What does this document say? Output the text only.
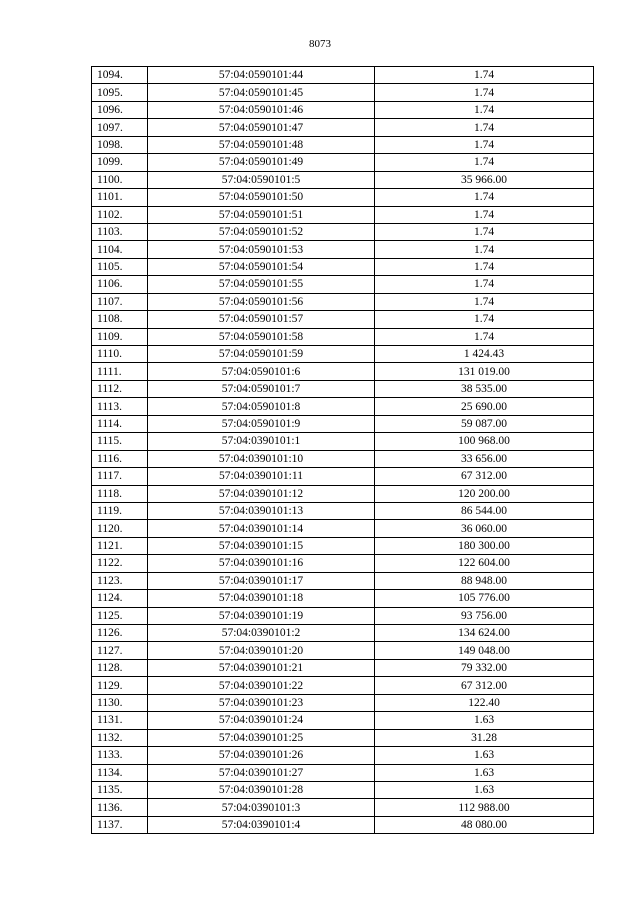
8073
1094.	57:04:0590101:44	1.74
1095.	57:04:0590101:45	1.74
1096.	57:04:0590101:46	1.74
1097.	57:04:0590101:47	1.74
1098.	57:04:0590101:48	1.74
1099.	57:04:0590101:49	1.74
1100.	57:04:0590101:5	35 966.00
1101.	57:04:0590101:50	1.74
1102.	57:04:0590101:51	1.74
1103.	57:04:0590101:52	1.74
1104.	57:04:0590101:53	1.74
1105.	57:04:0590101:54	1.74
1106.	57:04:0590101:55	1.74
1107.	57:04:0590101:56	1.74
1108.	57:04:0590101:57	1.74
1109.	57:04:0590101:58	1.74
1110.	57:04:0590101:59	1 424.43
1111.	57:04:0590101:6	131 019.00
1112.	57:04:0590101:7	38 535.00
1113.	57:04:0590101:8	25 690.00
1114.	57:04:0590101:9	59 087.00
1115.	57:04:0390101:1	100 968.00
1116.	57:04:0390101:10	33 656.00
1117.	57:04:0390101:11	67 312.00
1118.	57:04:0390101:12	120 200.00
1119.	57:04:0390101:13	86 544.00
1120.	57:04:0390101:14	36 060.00
1121.	57:04:0390101:15	180 300.00
1122.	57:04:0390101:16	122 604.00
1123.	57:04:0390101:17	88 948.00
1124.	57:04:0390101:18	105 776.00
1125.	57:04:0390101:19	93 756.00
1126.	57:04:0390101:2	134 624.00
1127.	57:04:0390101:20	149 048.00
1128.	57:04:0390101:21	79 332.00
1129.	57:04:0390101:22	67 312.00
1130.	57:04:0390101:23	122.40
1131.	57:04:0390101:24	1.63
1132.	57:04:0390101:25	31.28
1133.	57:04:0390101:26	1.63
1134.	57:04:0390101:27	1.63
1135.	57:04:0390101:28	1.63
1136.	57:04:0390101:3	112 988.00
1137.	57:04:0390101:4	48 080.00
